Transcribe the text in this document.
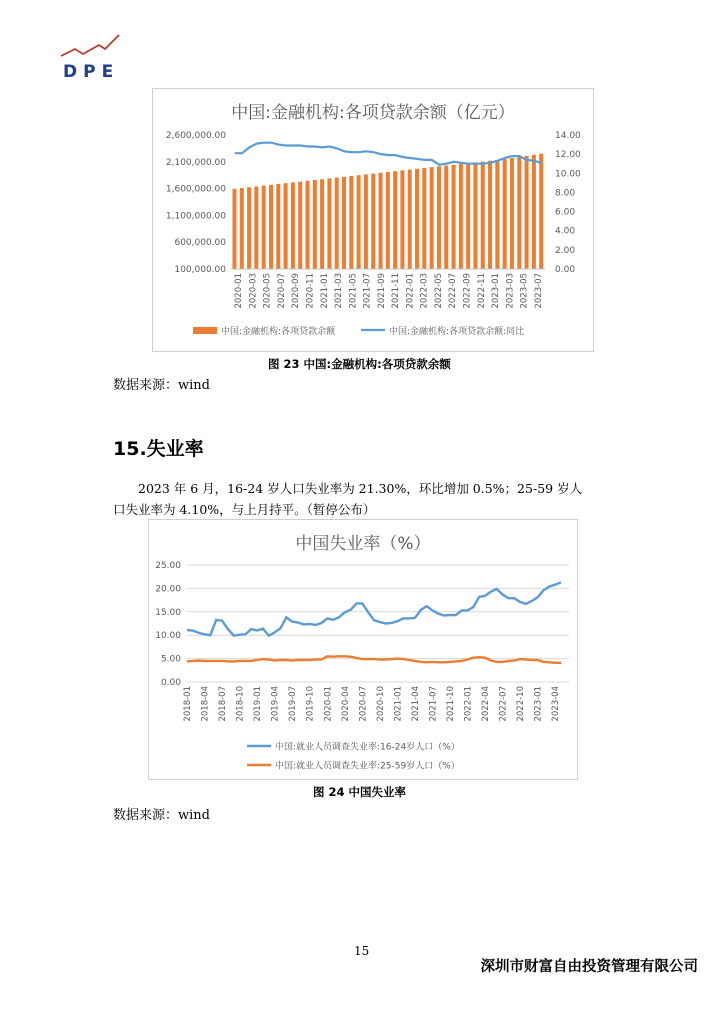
DPE
中国:金融机构:各项贷款余额（亿元）
100,000.00
600,000.00
1,100,000.00
1,600,000.00
2,100,000.00
2,600,000.00
0.00
2.00
4.00
6.00
8.00
10.00
12.00
14.00
2020-01 2020-03 2020-05 2020-07 2020-09 2020-11 2021-01 2021-03 2021-05 2021-07 2021-09 2021-11 2022-01 2022-03 2022-05 2022-07 2022-09 2022-11 2023-01 2023-03 2023-05 2023-07
中国:金融机构:各项贷款余额	中国:金融机构:各项贷款余额:同比
图 23 中国:金融机构:各项贷款余额
数据来源：wind
15.失业率
2023 年 6 月，16-24 岁人口失业率为 21.30%，环比增加 0.5%；25-59 岁人
口失业率为 4.10%，与上月持平。（暂停公布）
中国失业率（%）
0.00
5.00
10.00
15.00
20.00
25.00
2018-01 2018-04 2018-07 2018-10 2019-01 2019-04 2019-07 2019-10 2020-01 2020-04 2020-07 2020-10 2021-01 2021-04 2021-07 2021-10 2022-01 2022-04 2022-07 2022-10 2023-01 2023-04
中国:就业人员调查失业率:16-24岁人口（%）
中国:就业人员调查失业率:25-59岁人口（%）
图 24 中国失业率
数据来源：wind
15
深圳市财富自由投资管理有限公司
